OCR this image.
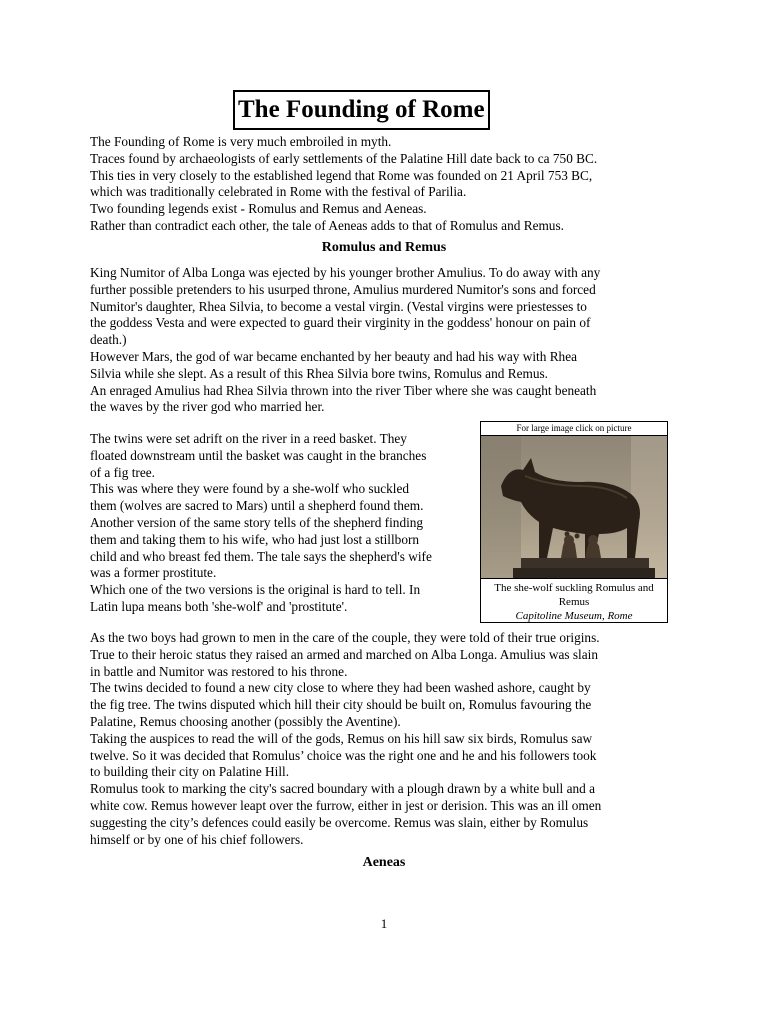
The Founding of Rome
The Founding of Rome is very much embroiled in myth.
Traces found by archaeologists of early settlements of the Palatine Hill date back to ca 750 BC.
This ties in very closely to the established legend that Rome was founded on 21 April 753 BC,
which was traditionally celebrated in Rome with the festival of Parilia.
Two founding legends exist - Romulus and Remus and Aeneas.
Rather than contradict each other, the tale of Aeneas adds to that of Romulus and Remus.
Romulus and Remus
King Numitor of Alba Longa was ejected by his younger brother Amulius. To do away with any
further possible pretenders to his usurped throne, Amulius murdered Numitor's sons and forced
Numitor's daughter, Rhea Silvia, to become a vestal virgin. (Vestal virgins were priestesses to
the goddess Vesta and were expected to guard their virginity in the goddess' honour on pain of
death.)
However Mars, the god of war became enchanted by her beauty and had his way with Rhea
Silvia while she slept. As a result of this Rhea Silvia bore twins, Romulus and Remus.
An enraged Amulius had Rhea Silvia thrown into the river Tiber where she was caught beneath
the waves by the river god who married her.
The twins were set adrift on the river in a reed basket. They
floated downstream until the basket was caught in the branches
of a fig tree.
This was where they were found by a she-wolf who suckled
them (wolves are sacred to Mars) until a shepherd found them.
Another version of the same story tells of the shepherd finding
them and taking them to his wife, who had just lost a stillborn
child and who breast fed them. The tale says the shepherd's wife
was a former prostitute.
Which one of the two versions is the original is hard to tell. In
Latin lupa means both 'she-wolf' and 'prostitute'.
For large image click on picture
The she-wolf suckling Romulus and
Remus
Capitoline Museum, Rome
As the two boys had grown to men in the care of the couple, they were told of their true origins.
True to their heroic status they raised an armed and marched on Alba Longa. Amulius was slain
in battle and Numitor was restored to his throne.
The twins decided to found a new city close to where they had been washed ashore, caught by
the fig tree. The twins disputed which hill their city should be built on, Romulus favouring the
Palatine, Remus choosing another (possibly the Aventine).
Taking the auspices to read the will of the gods, Remus on his hill saw six birds, Romulus saw
twelve. So it was decided that Romulus’ choice was the right one and he and his followers took
to building their city on Palatine Hill.
Romulus took to marking the city's sacred boundary with a plough drawn by a white bull and a
white cow. Remus however leapt over the furrow, either in jest or derision. This was an ill omen
suggesting the city’s defences could easily be overcome. Remus was slain, either by Romulus
himself or by one of his chief followers.
Aeneas
1
